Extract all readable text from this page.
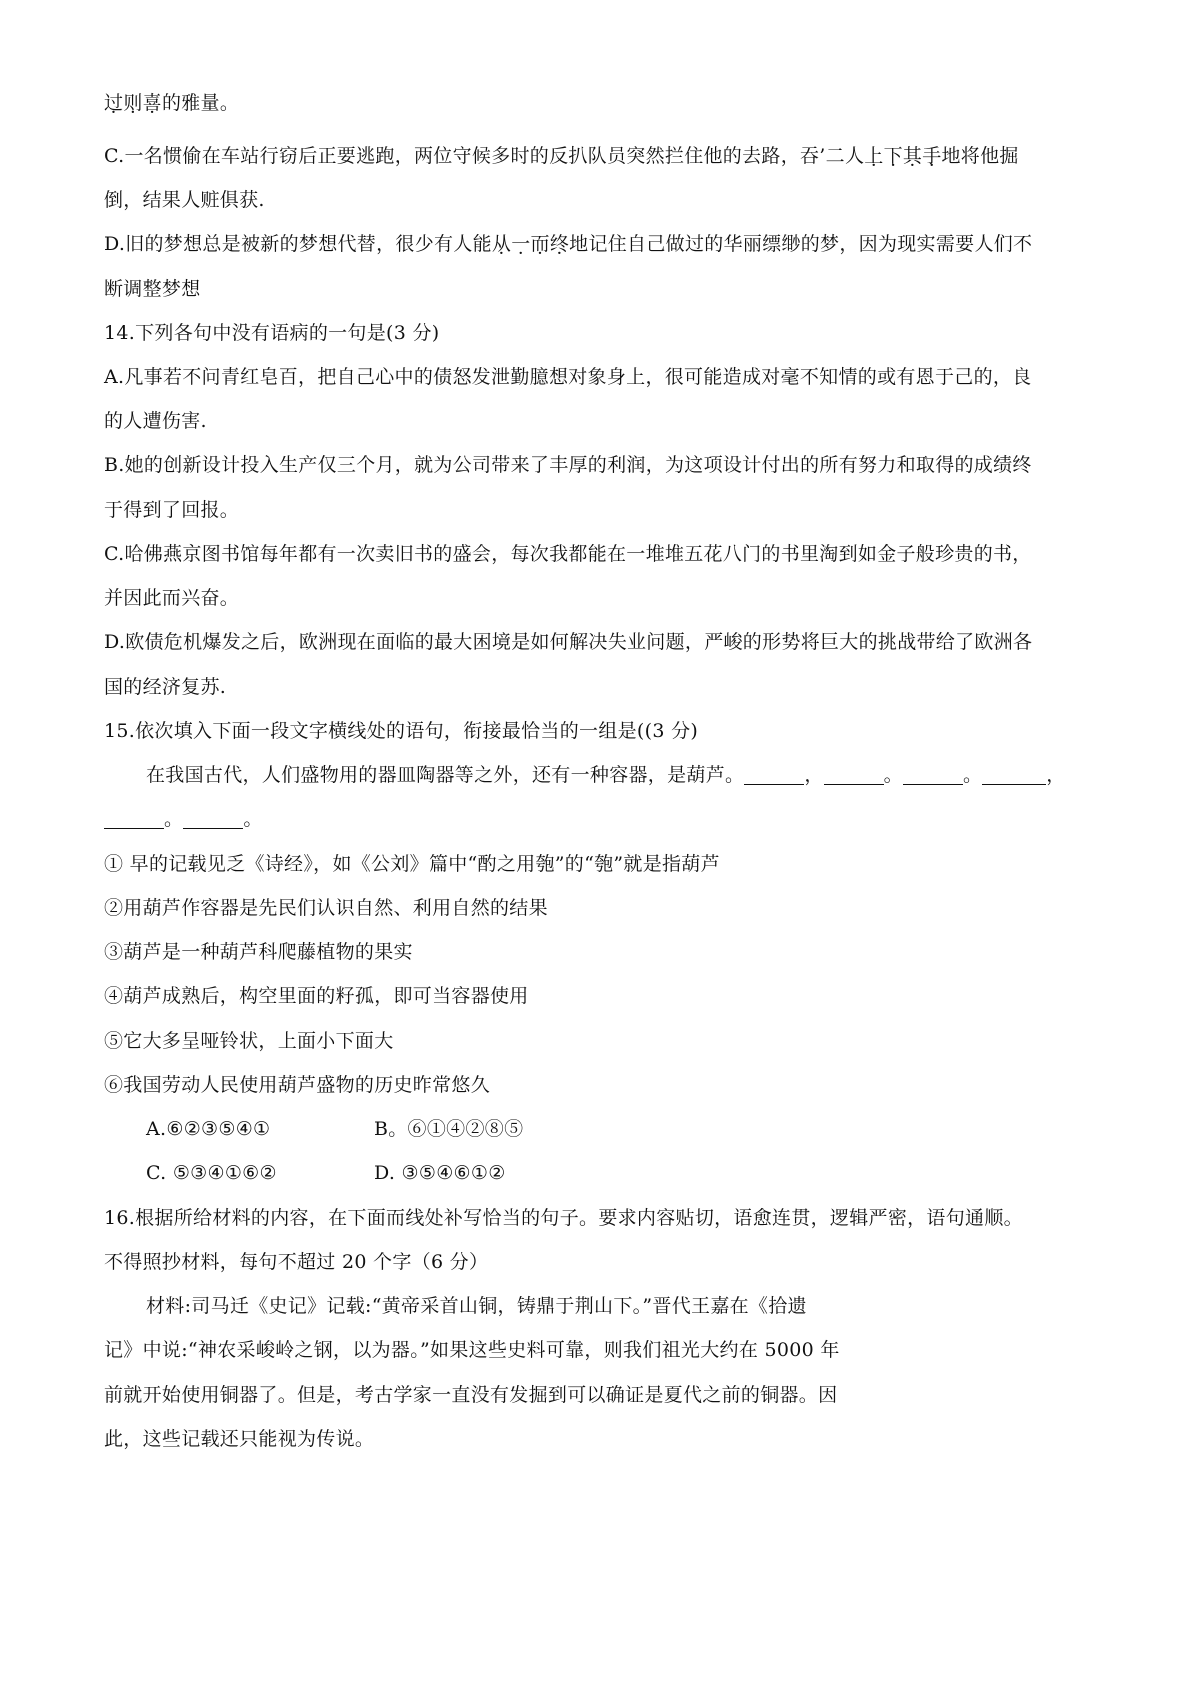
过则喜的雅量。
C.一名惯偷在车站行窃后正要逃跑，两位守候多时的反扒队员突然拦住他的去路，吞’二人上下其手地将他掘
倒，结果人赃俱获.
D.旧的梦想总是被新的梦想代替，很少有人能从一而终地记住自己做过的华丽缥缈的梦，因为现实需要人们不
断调整梦想
14.下列各句中没有语病的一句是(3 分)
A.凡事若不问青红皂百，把自己心中的债怒发泄勤臆想对象身上，很可能造成对毫不知情的或有恩于己的，良
的人遭伤害.
B.她的创新设计投入生产仅三个月，就为公司带来了丰厚的利润，为这项设计付出的所有努力和取得的成绩终
于得到了回报。
C.哈佛燕京图书馆每年都有一次卖旧书的盛会，每次我都能在一堆堆五花八门的书里淘到如金子般珍贵的书，
并因此而兴奋。
D.欧债危机爆发之后，欧洲现在面临的最大困境是如何解决失业问题，严峻的形势将巨大的挑战带给了欧洲各
国的经济复苏.
15.依次填入下面一段文字横线处的语句，衔接最恰当的一组是((3 分)
在我国古代，人们盛物用的器皿陶器等之外，还有一种容器，是葫芦。	，	。	。	，
。	。
① 早的记载见乏《诗经》，如《公刘》篇中“酌之用匏”的“匏”就是指葫芦
②用葫芦作容器是先民们认识自然、利用自然的结果
③葫芦是一种葫芦科爬藤植物的果实
④葫芦成熟后，构空里面的籽孤，即可当容器使用
⑤它大多呈哑铃状，上面小下面大
⑥我国劳动人民使用葫芦盛物的历史昨常悠久
A.⑥②③⑤④①	B。⑥①④②⑧⑤
C. ⑤③④①⑥②	D. ③⑤④⑥①②
16.根据所给材料的内容，在下面而线处补写恰当的句子。要求内容贴切，语愈连贯，逻辑严密，语句通顺。
不得照抄材料，每句不超过 20 个字（6 分）
材料:司马迁《史记》记载:“黄帝采首山铜，铸鼎于荆山下。”晋代王嘉在《拾遗
记》中说:“神农采峻岭之钢，以为器。”如果这些史料可靠，则我们祖光大约在 5000 年
前就开始使用铜器了。但是，考古学家一直没有发掘到可以确证是夏代之前的铜器。因
此，这些记载还只能视为传说。
